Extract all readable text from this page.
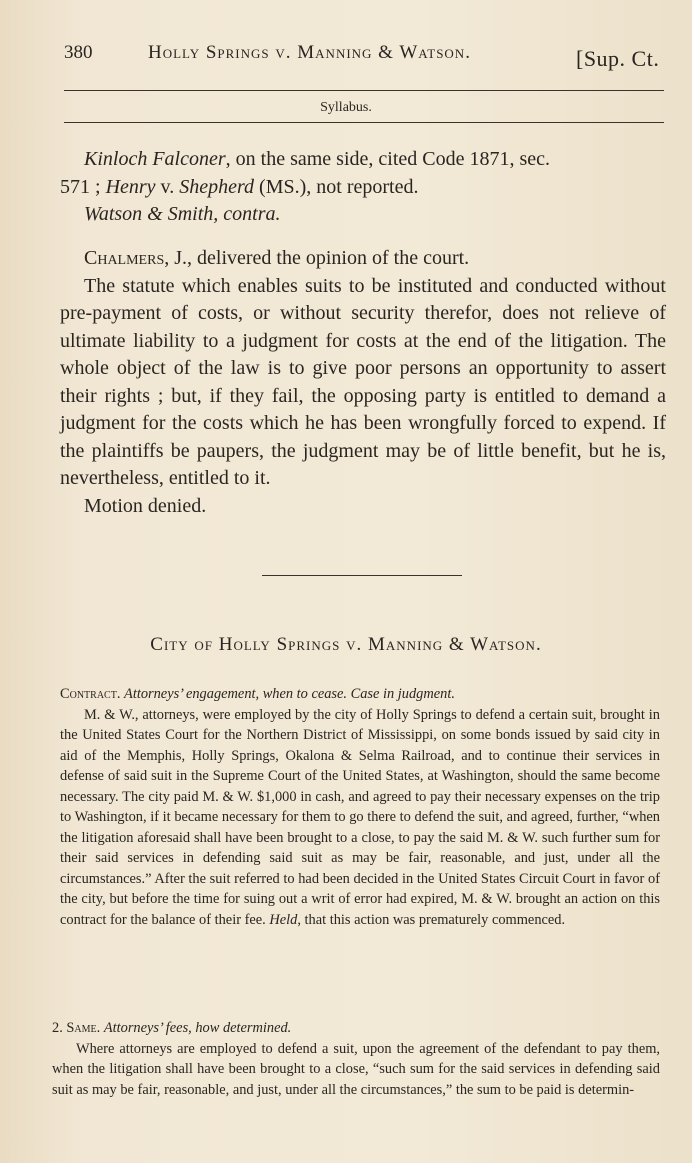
380	Holly Springs v. Manning & Watson.	[Sup. Ct.
Syllabus.

Kinloch Falconer, on the same side, cited Code 1871, sec.

571 ; Henry v. Shepherd (MS.), not reported.

Watson & Smith, contra.

Chalmers, J., delivered the opinion of the court.

The statute which enables suits to be instituted and conducted without pre-payment of costs, or without security therefor, does not relieve of ultimate liability to a judgment for costs at the end of the litigation. The whole object of the law is to give poor persons an opportunity to assert their rights ; but, if they fail, the opposing party is entitled to demand a judgment for the costs which he has been wrongfully forced to expend. If the plaintiffs be paupers, the judgment may be of little benefit, but he is, nevertheless, entitled to it.

Motion denied.

City of Holly Springs v. Manning & Watson.

Contract. Attorneys’ engagement, when to cease. Case in judgment.

M. & W., attorneys, were employed by the city of Holly Springs to defend a certain suit, brought in the United States Court for the Northern District of Mississippi, on some bonds issued by said city in aid of the Memphis, Holly Springs, Okalona & Selma Railroad, and to continue their services in defense of said suit in the Supreme Court of the United States, at Washington, should the same become necessary. The city paid M. & W. $1,000 in cash, and agreed to pay their necessary expenses on the trip to Washington, if it became necessary for them to go there to defend the suit, and agreed, further, “when the litigation aforesaid shall have been brought to a close, to pay the said M. & W. such further sum for their said services in defending said suit as may be fair, reasonable, and just, under all the circumstances.” After the suit referred to had been decided in the United States Circuit Court in favor of the city, but before the time for suing out a writ of error had expired, M. & W. brought an action on this contract for the balance of their fee. Held, that this action was prematurely commenced.

2. Same. Attorneys’ fees, how determined.

Where attorneys are employed to defend a suit, upon the agreement of the defendant to pay them, when the litigation shall have been brought to a close, “such sum for the said services in defending said suit as may be fair, reasonable, and just, under all the circumstances,” the sum to be paid is determin-
